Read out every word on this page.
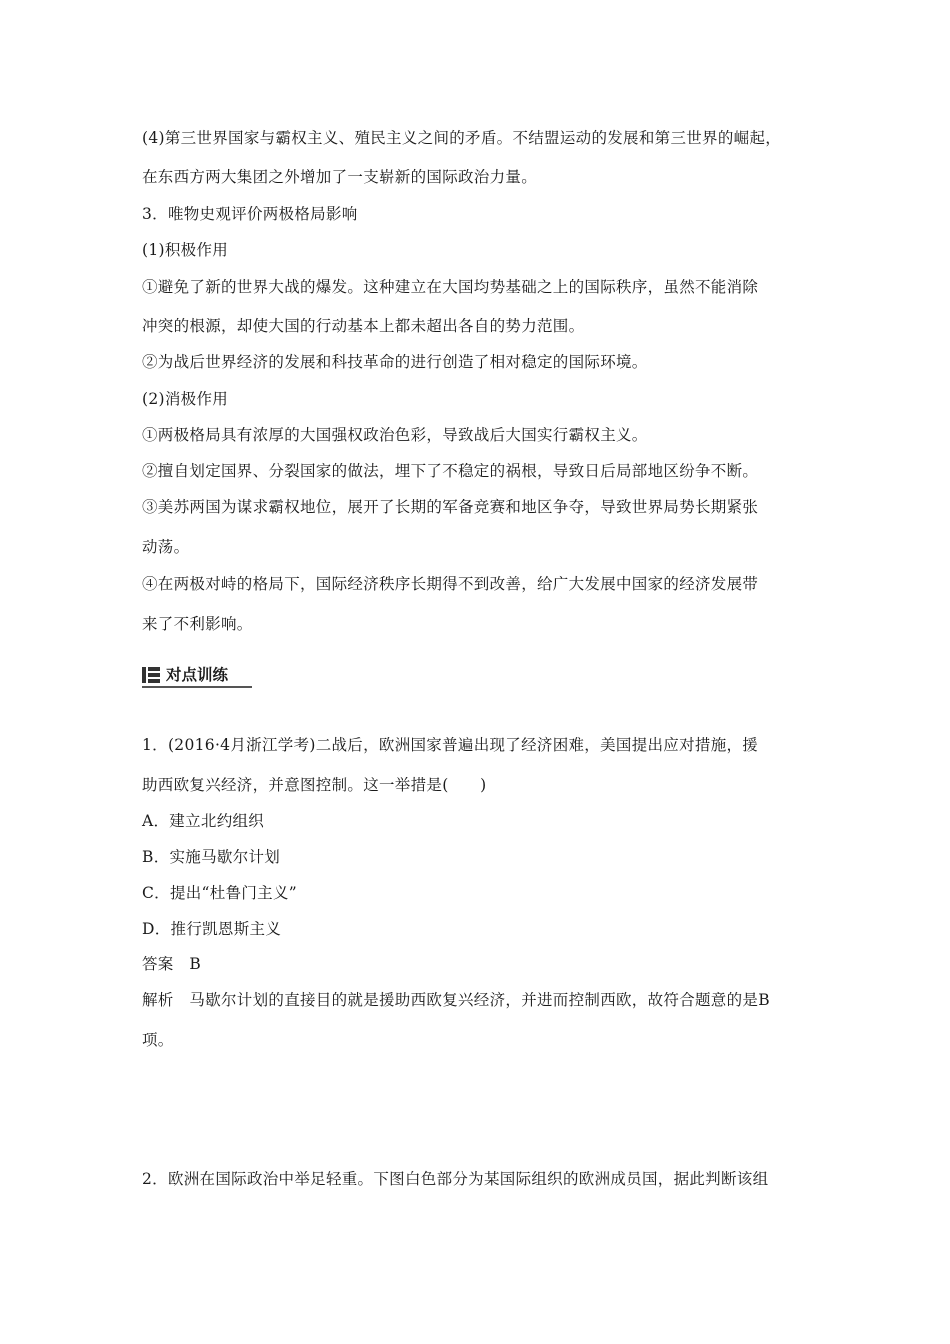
(4)第三世界国家与霸权主义、殖民主义之间的矛盾。不结盟运动的发展和第三世界的崛起，
在东西方两大集团之外增加了一支崭新的国际政治力量。
3．唯物史观评价两极格局影响
(1)积极作用
①避免了新的世界大战的爆发。这种建立在大国均势基础之上的国际秩序，虽然不能消除
冲突的根源，却使大国的行动基本上都未超出各自的势力范围。
②为战后世界经济的发展和科技革命的进行创造了相对稳定的国际环境。
(2)消极作用
①两极格局具有浓厚的大国强权政治色彩，导致战后大国实行霸权主义。
②擅自划定国界、分裂国家的做法，埋下了不稳定的祸根，导致日后局部地区纷争不断。
③美苏两国为谋求霸权地位，展开了长期的军备竞赛和地区争夺，导致世界局势长期紧张
动荡。
④在两极对峙的格局下，国际经济秩序长期得不到改善，给广大发展中国家的经济发展带
来了不利影响。
对点训练
1．(2016·4月浙江学考)二战后，欧洲国家普遍出现了经济困难，美国提出应对措施，援
助西欧复兴经济，并意图控制。这一举措是(　　)
A．建立北约组织
B．实施马歇尔计划
C．提出“杜鲁门主义”
D．推行凯恩斯主义
答案　B
解析　马歇尔计划的直接目的就是援助西欧复兴经济，并进而控制西欧，故符合题意的是B
项。
2．欧洲在国际政治中举足轻重。下图白色部分为某国际组织的欧洲成员国，据此判断该组
